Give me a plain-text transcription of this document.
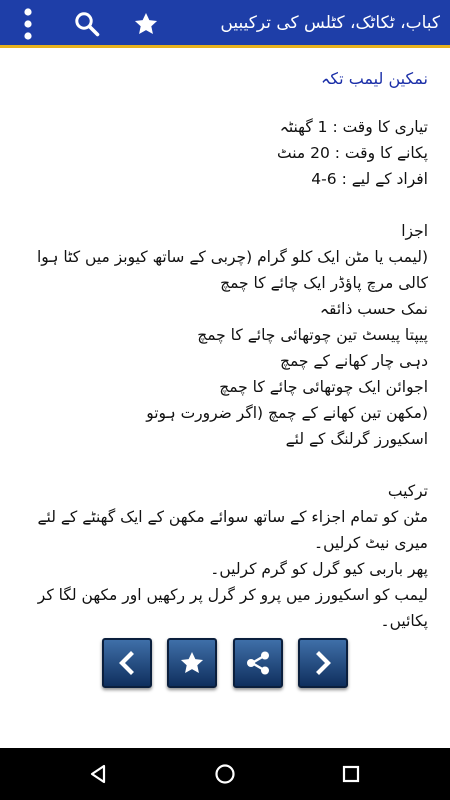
کباب، ٹکاٹک، کٹلس کی ترکیبیں

نمکین لیمب تکہ

تیاری کا وقت : 1 گھنٹہ

پکانے کا وقت : 20 منٹ

افراد کے لیے : 6-4

اجزا

(لیمب یا مٹن ایک کلو گرام (چربی کے ساتھ کیوبز میں کٹا ہوا

کالی مرچ پاؤڈر ایک چائے کا چمچ

نمک حسب ذائقہ

پیپتا پیسٹ تین چوتھائی چائے کا چمچ

دہی چار کھانے کے چمچ

اجوائن ایک چوتھائی چائے کا چمچ

(مکھن تین کھانے کے چمچ (اگر ضرورت ہوتو

اسکیورز گرلنگ کے لئے

ترکیب

مٹن کو تمام اجزاء کے ساتھ سوائے مکھن کے ایک گھنٹے کے لئے میری نیٹ کرلیں۔

پھر باربی کیو گرل کو گرم کرلیں۔

لیمب کو اسکیورز میں پرو کر گرل پر رکھیں اور مکھن لگا کر پکائیں۔
